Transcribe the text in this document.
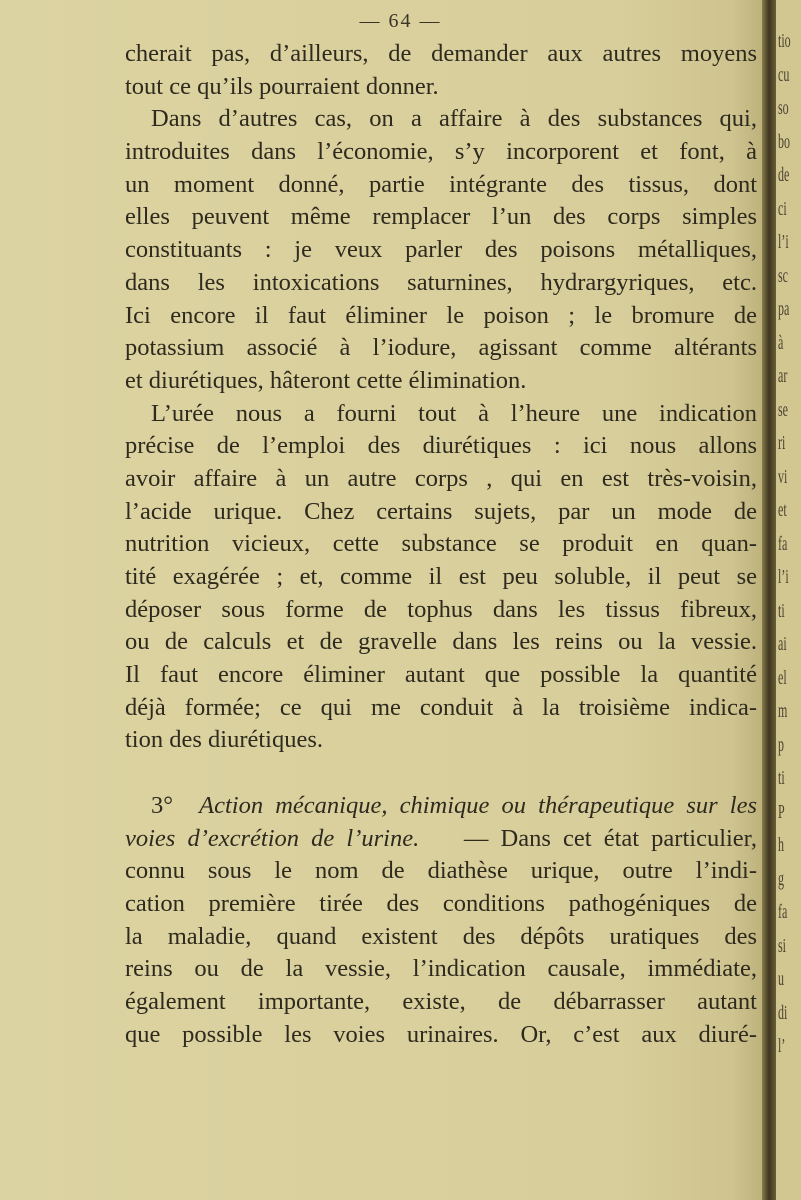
— 64 —
cherait pas, d’ailleurs, de demander aux autres moyens
tout ce qu’ils pourraient donner.
Dans d’autres cas, on a affaire à des substances qui,
introduites dans l’économie, s’y incorporent et font, à
un moment donné, partie intégrante des tissus, dont
elles peuvent même remplacer l’un des corps simples
constituants : je veux parler des poisons métalliques,
dans les intoxications saturnines, hydrargyriques, etc.
Ici encore il faut éliminer le poison ; le bromure de
potassium associé à l’iodure, agissant comme altérants
et diurétiques, hâteront cette élimination.
L’urée nous a fourni tout à l’heure une indication
précise de l’emploi des diurétiques : ici nous allons
avoir affaire à un autre corps , qui en est très-voisin,
l’acide urique. Chez certains sujets, par un mode de
nutrition vicieux, cette substance se produit en quan-
tité exagérée ; et, comme il est peu soluble, il peut se
déposer sous forme de tophus dans les tissus fibreux,
ou de calculs et de gravelle dans les reins ou la vessie.
Il faut encore éliminer autant que possible la quantité
déjà formée; ce qui me conduit à la troisième indica-
tion des diurétiques.
3° Action mécanique, chimique ou thérapeutique sur les
voies d’excrétion de l’urine. — Dans cet état particulier,
connu sous le nom de diathèse urique, outre l’indi-
cation première tirée des conditions pathogéniques de
la maladie, quand existent des dépôts uratiques des
reins ou de la vessie, l’indication causale, immédiate,
également importante, existe, de débarrasser autant
que possible les voies urinaires. Or, c’est aux diuré-
tio
cu
so
bo
de
ci
l’i
sc
pa
à
ar
se
ri
vi
et
fa
l’i
ti
ai
el
m
p
ti
P
h
g
fa
si
u
di
l’
